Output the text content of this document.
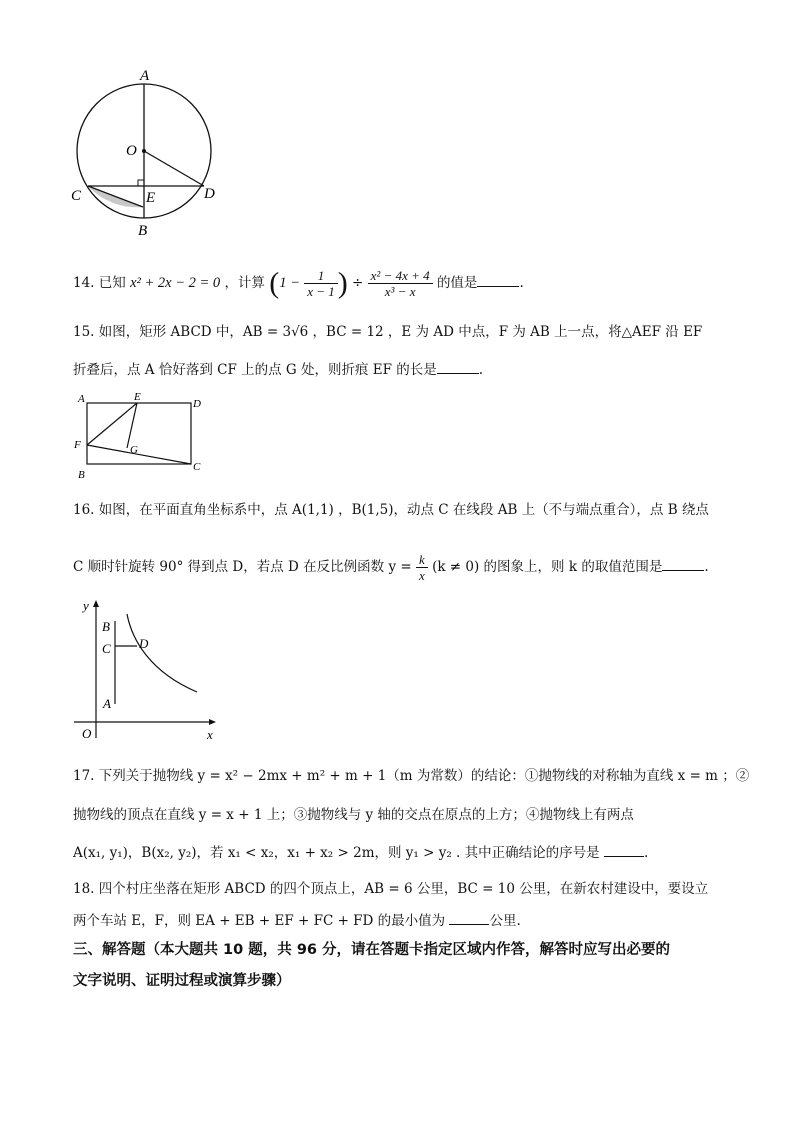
A
O
C	D
E
B
14. 已知 x² + 2x − 2 = 0 ，计算 ($1 - \frac{1}{x - 1}$ ) ÷ $\frac{\text{x² − 4x + 4}}{\text{x³ − x}}$ 的值是	.
15. 如图，矩形 ABCD 中，AB = 3√6 ，BC = 12 ，E 为 AD 中点，F 为 AB 上一点，将△AEF 沿 EF
折叠后，点 A 恰好落到 CF 上的点 G 处，则折痕 EF 的长是	.
A	E
D
F	G
B
C
16. 如图，在平面直角坐标系中，点 A(1,1) ，B(1,5)，动点 C 在线段 AB 上（不与端点重合），点 B 绕点
C 顺时针旋转 90° 得到点 D，若点 D 在反比例函数 $y = \frac{k}{x} (k \ne 0)$ 的图象上，则 k 的取值范围是	.
y
B
C D
A
O	x
17. 下列关于抛物线 y = x² − 2mx + m² + m + 1（m 为常数）的结论：①抛物线的对称轴为直线 x = m ；②
抛物线的顶点在直线 y = x + 1 上；③抛物线与 y 轴的交点在原点的上方；④抛物线上有两点
A(x₁, y₁)，B(x₂, y₂)，若 x₁ < x₂，x₁ + x₂ > 2m，则 y₁ > y₂ . 其中正确结论的序号是	.
18. 四个村庄坐落在矩形 ABCD 的四个顶点上，AB = 6 公里，BC = 10 公里，在新农村建设中，要设立
两个车站 E，F，则 EA + EB + EF + FC + FD 的最小值为	公里.
三、解答题（本大题共 10 题，共 96 分，请在答题卡指定区域内作答，解答时应写出必要的
文字说明、证明过程或演算步骤）
